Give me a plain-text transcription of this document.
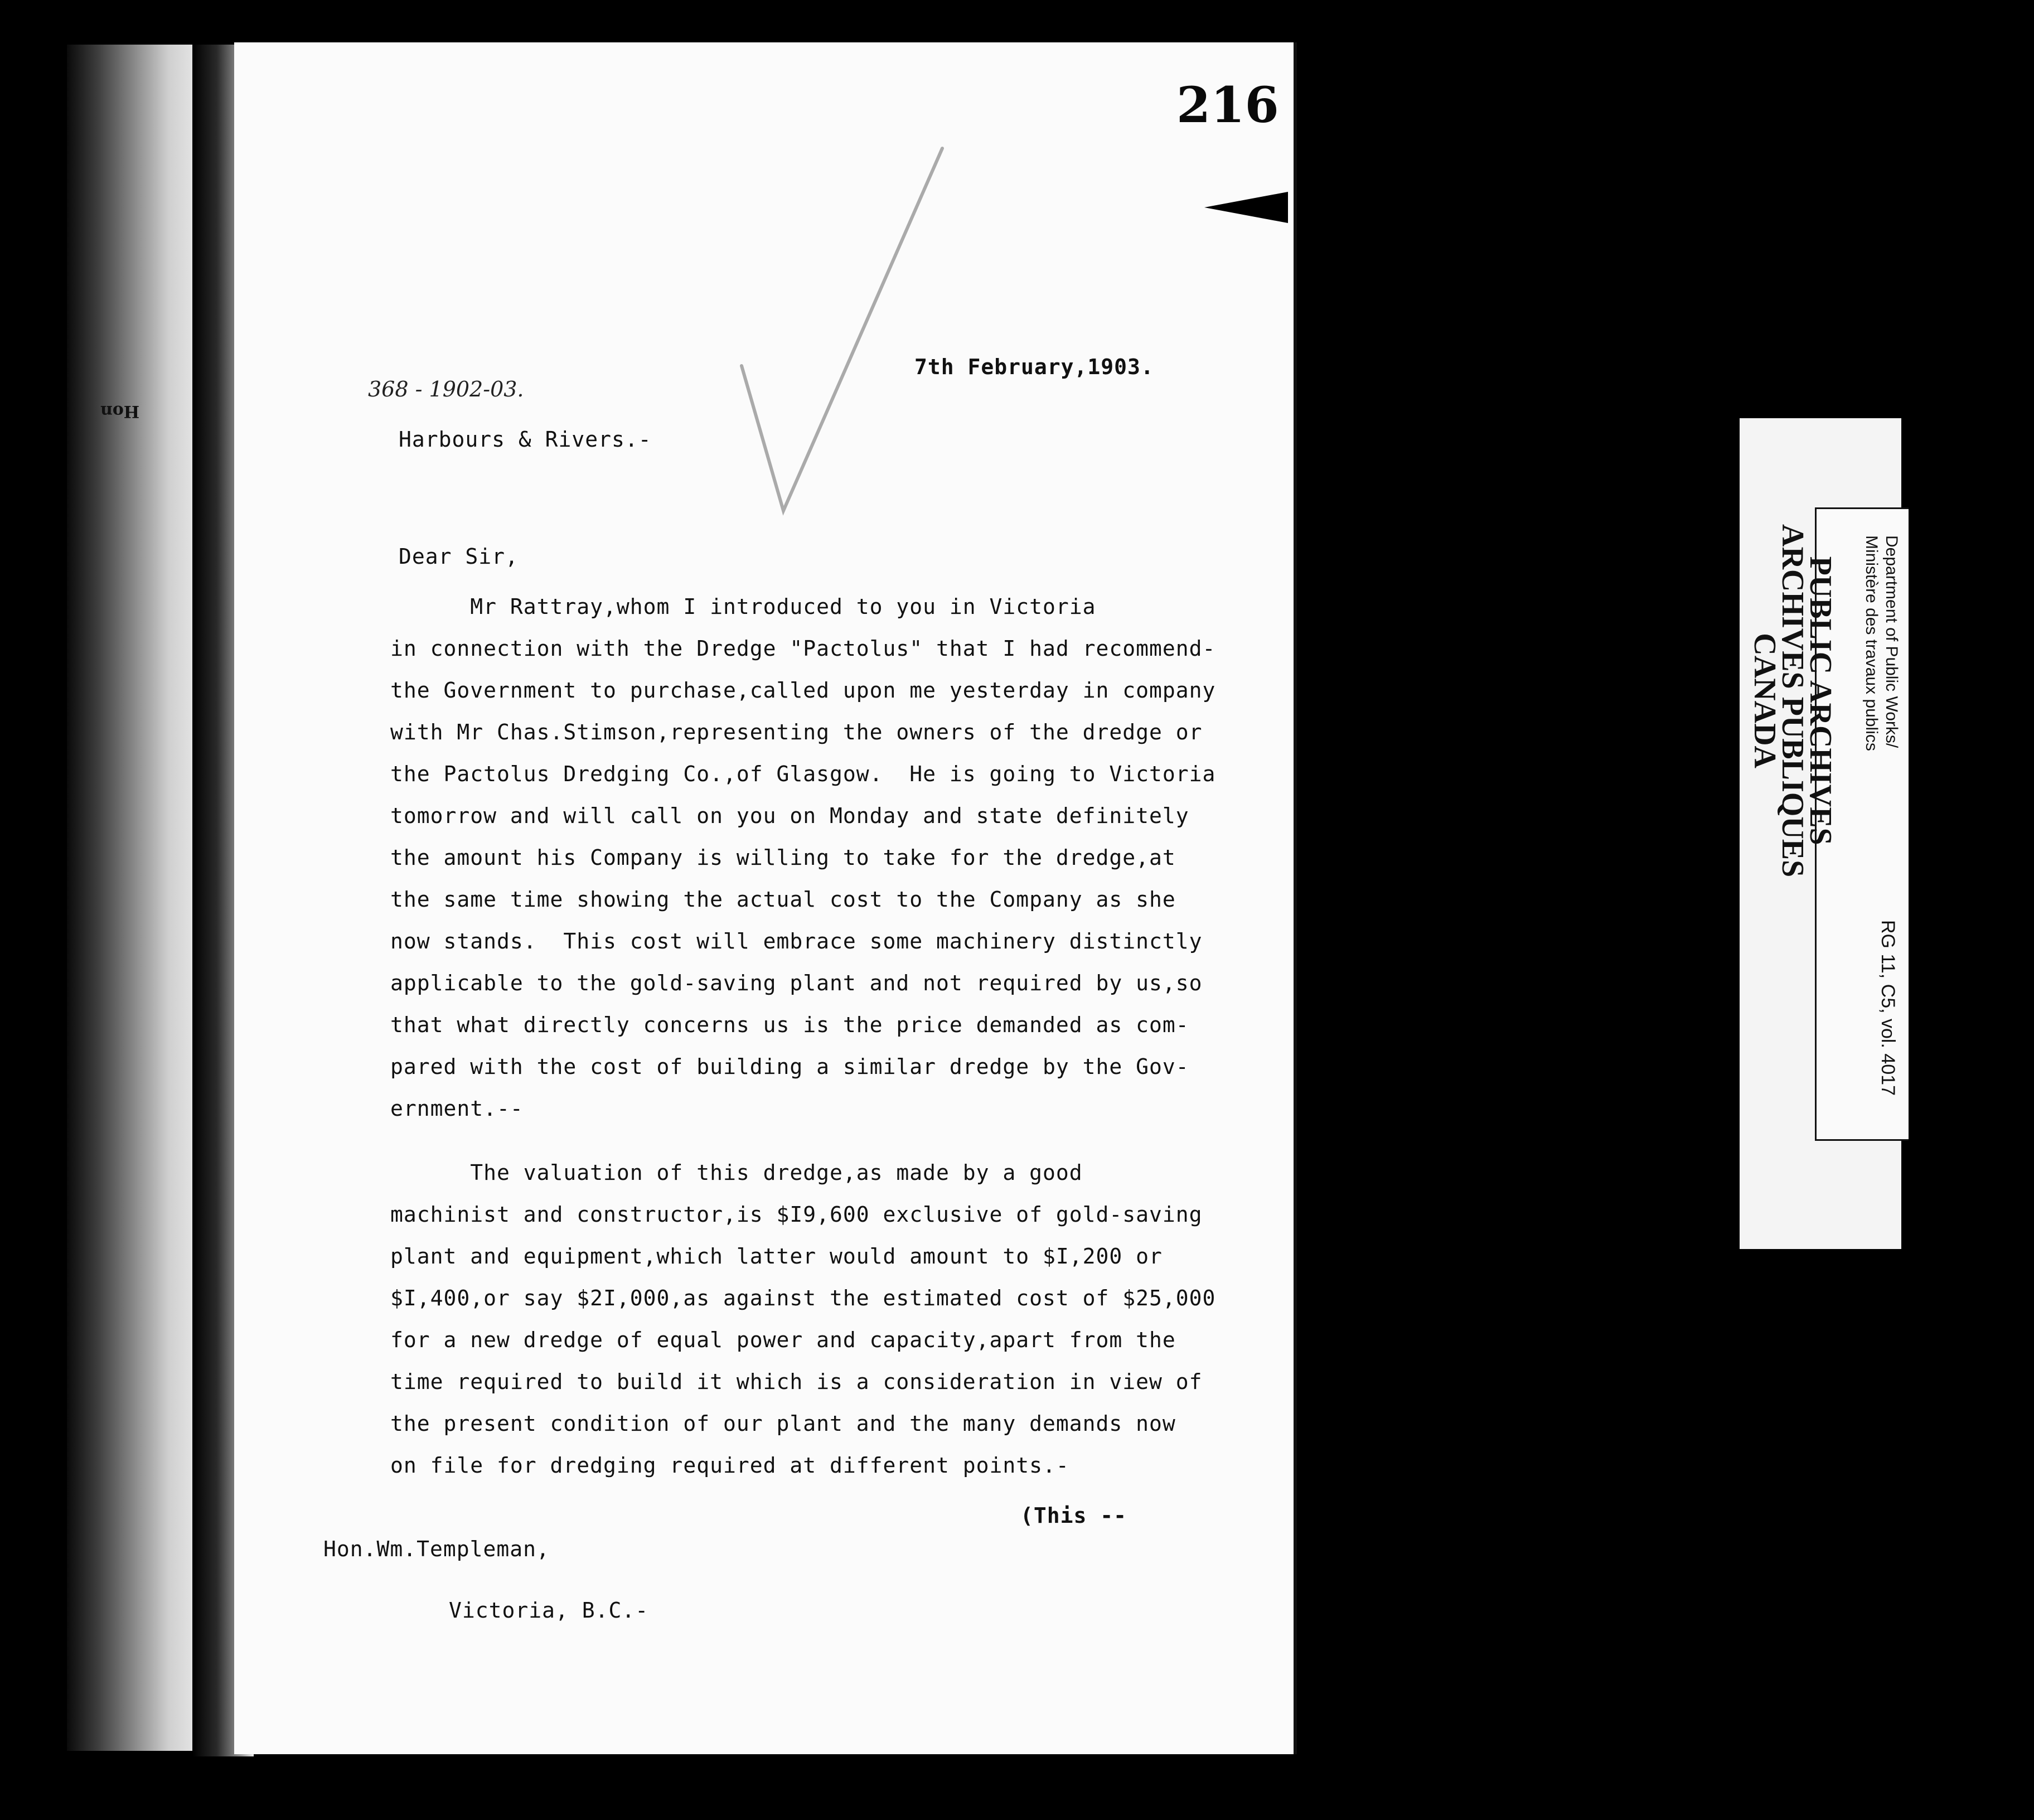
Hon
216
7th February,1903.
368 - 1902-03.
Harbours & Rivers.-
Dear Sir,
Mr Rattray,whom I introduced to you in Victoria
in connection with the Dredge "Pactolus" that I had recommend-
the Government to purchase,called upon me yesterday in company
with Mr Chas.Stimson,representing the owners of the dredge or
the Pactolus Dredging Co.,of Glasgow.  He is going to Victoria
tomorrow and will call on you on Monday and state definitely
the amount his Company is willing to take for the dredge,at
the same time showing the actual cost to the Company as she
now stands.  This cost will embrace some machinery distinctly
applicable to the gold-saving plant and not required by us,so
that what directly concerns us is the price demanded as com-
pared with the cost of building a similar dredge by the Gov-
ernment.--
The valuation of this dredge,as made by a good
machinist and constructor,is $I9,600 exclusive of gold-saving
plant and equipment,which latter would amount to $I,200 or
$I,400,or say $2I,000,as against the estimated cost of $25,000
for a new dredge of equal power and capacity,apart from the
time required to build it which is a consideration in view of
the present condition of our plant and the many demands now
on file for dredging required at different points.-
(This --
Hon.Wm.Templeman,
Victoria, B.C.-
PUBLIC ARCHIVES
ARCHIVES PUBLIQUES
CANADA	Department of Public Works/
Ministère des travaux publics
RG 11, C5, vol. 4017
